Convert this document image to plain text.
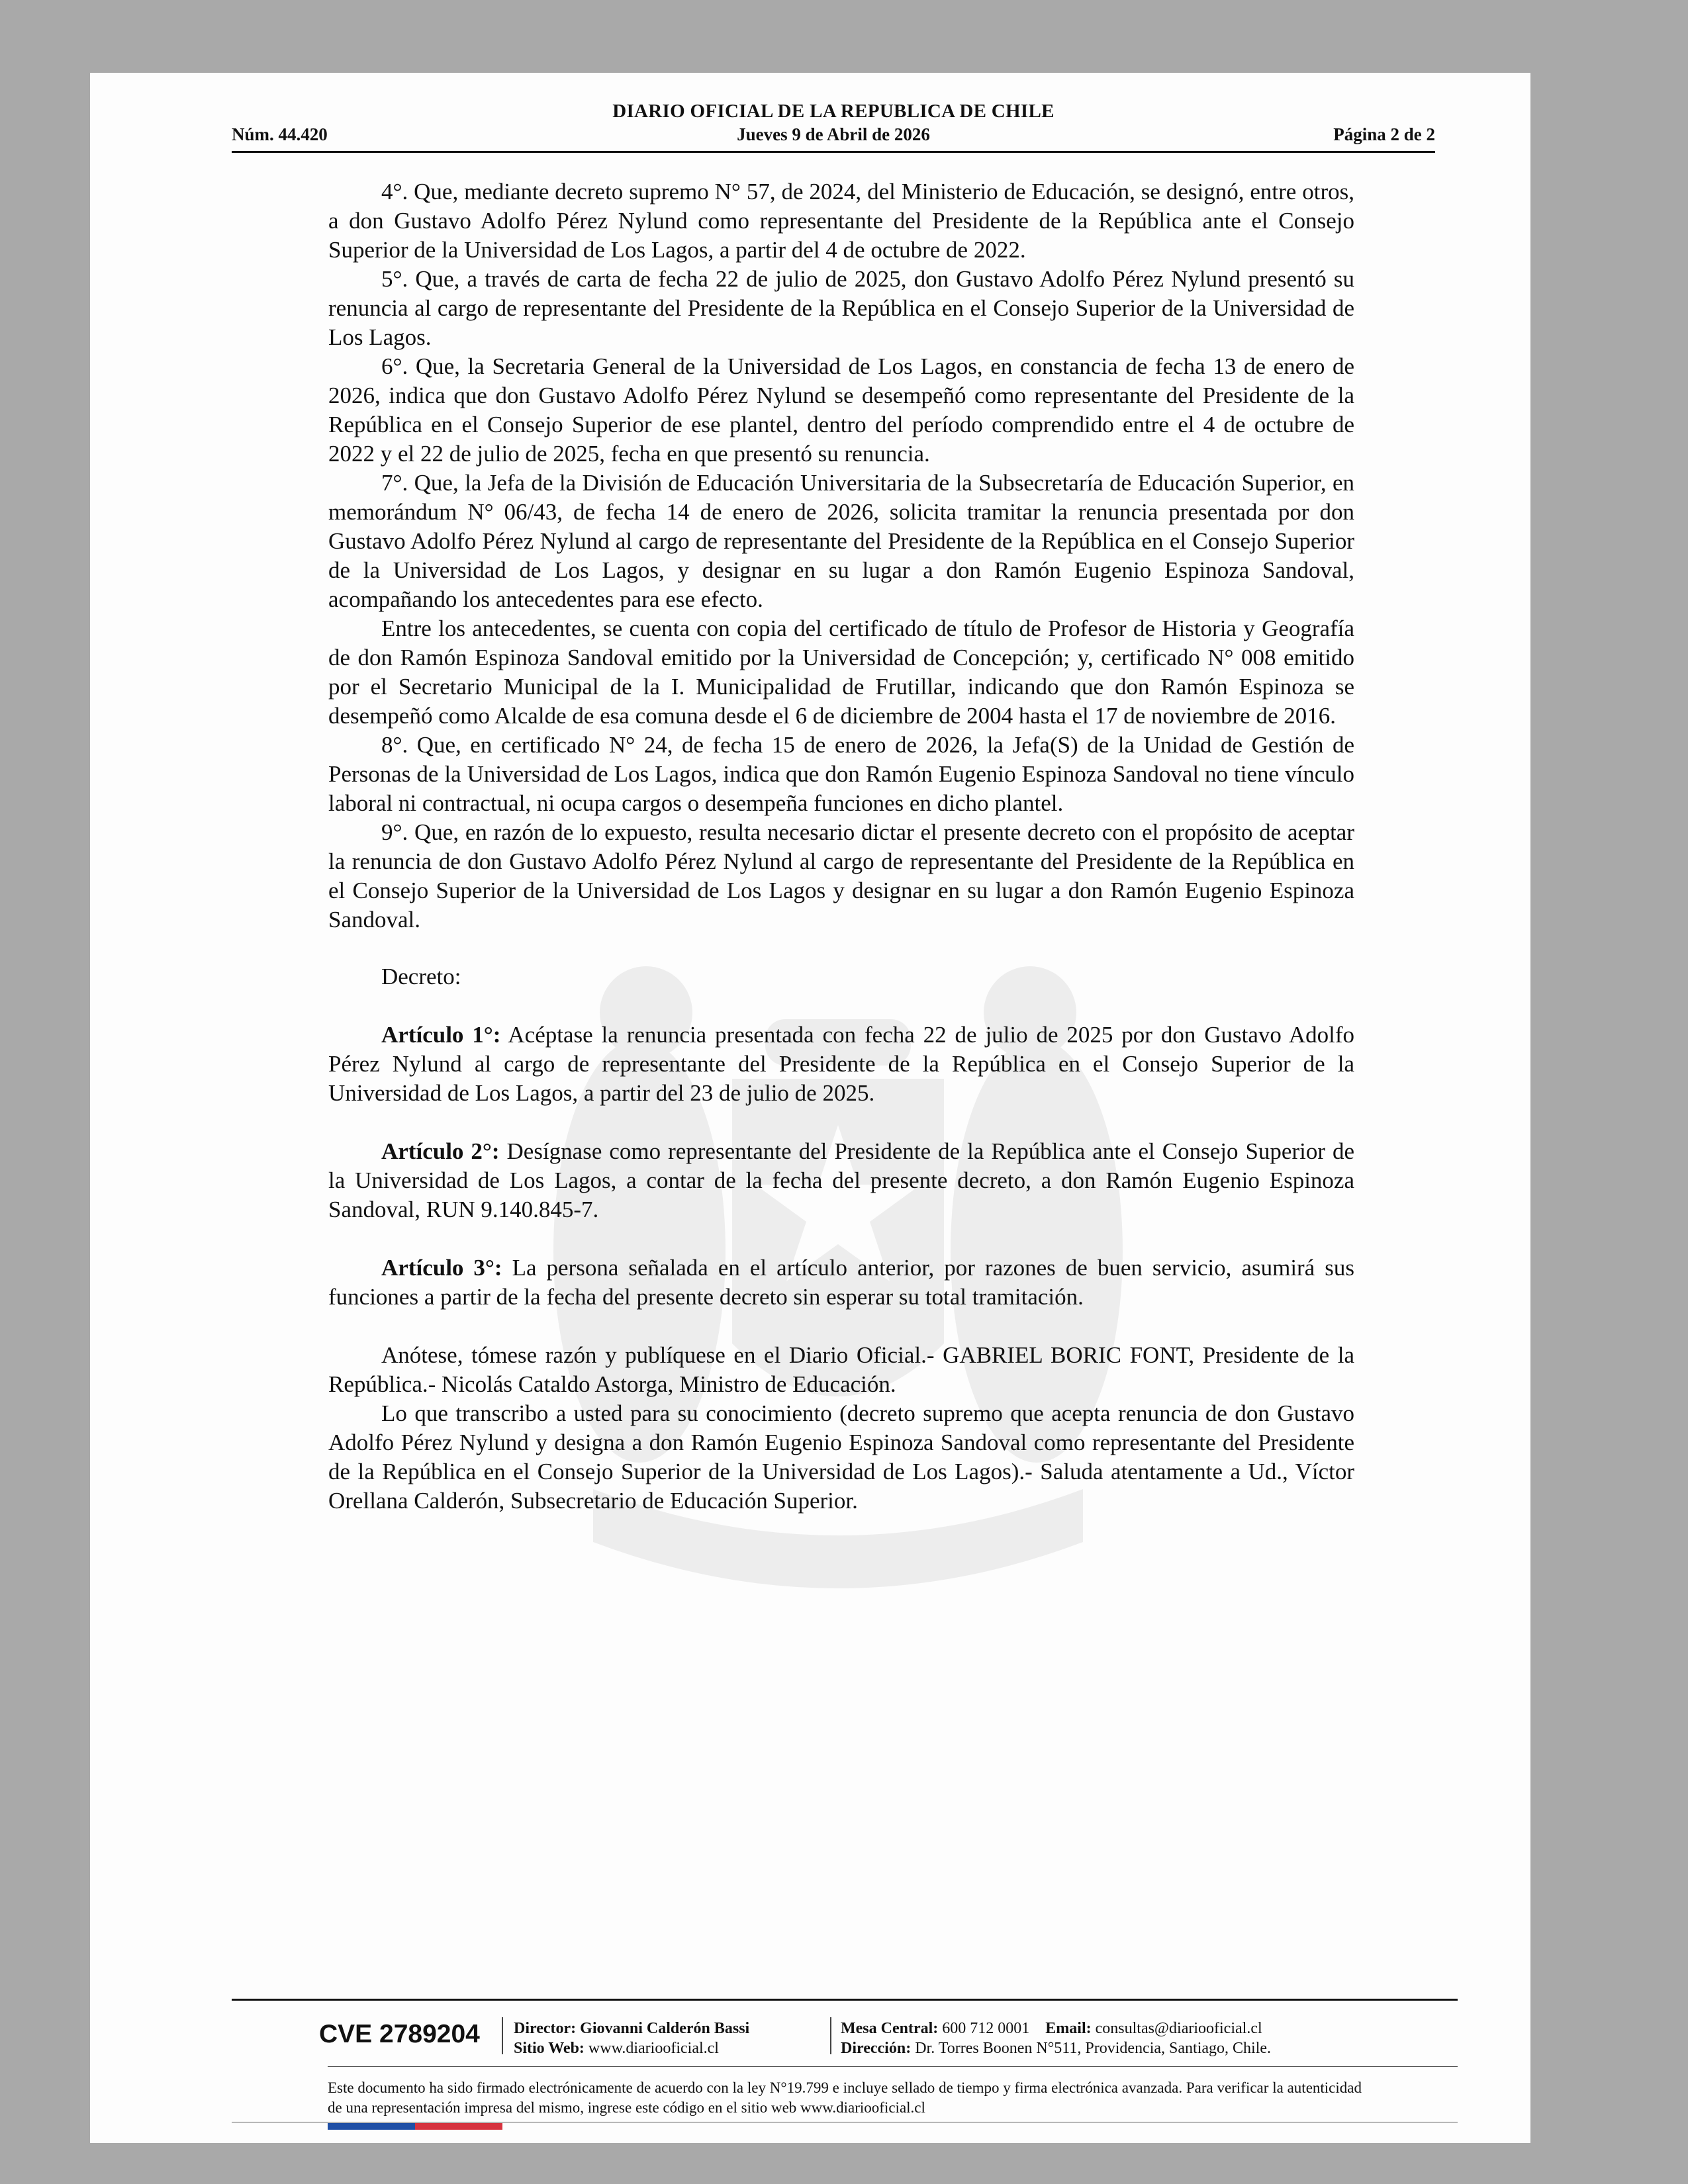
DIARIO OFICIAL DE LA REPUBLICA DE CHILE
Núm. 44.420	Jueves 9 de Abril de 2026	Página 2 de 2

4°. Que, mediante decreto supremo N° 57, de 2024, del Ministerio de Educación, se designó, entre otros, a don Gustavo Adolfo Pérez Nylund como representante del Presidente de la República ante el Consejo Superior de la Universidad de Los Lagos, a partir del 4 de octubre de 2022.

5°. Que, a través de carta de fecha 22 de julio de 2025, don Gustavo Adolfo Pérez Nylund presentó su renuncia al cargo de representante del Presidente de la República en el Consejo Superior de la Universidad de Los Lagos.

6°. Que, la Secretaria General de la Universidad de Los Lagos, en constancia de fecha 13 de enero de 2026, indica que don Gustavo Adolfo Pérez Nylund se desempeñó como representante del Presidente de la República en el Consejo Superior de ese plantel, dentro del período comprendido entre el 4 de octubre de 2022 y el 22 de julio de 2025, fecha en que presentó su renuncia.

7°. Que, la Jefa de la División de Educación Universitaria de la Subsecretaría de Educación Superior, en memorándum N° 06/43, de fecha 14 de enero de 2026, solicita tramitar la renuncia presentada por don Gustavo Adolfo Pérez Nylund al cargo de representante del Presidente de la República en el Consejo Superior de la Universidad de Los Lagos, y designar en su lugar a don Ramón Eugenio Espinoza Sandoval, acompañando los antecedentes para ese efecto.

Entre los antecedentes, se cuenta con copia del certificado de título de Profesor de Historia y Geografía de don Ramón Espinoza Sandoval emitido por la Universidad de Concepción; y, certificado N° 008 emitido por el Secretario Municipal de la I. Municipalidad de Frutillar, indicando que don Ramón Espinoza se desempeñó como Alcalde de esa comuna desde el 6 de diciembre de 2004 hasta el 17 de noviembre de 2016.

8°. Que, en certificado N° 24, de fecha 15 de enero de 2026, la Jefa(S) de la Unidad de Gestión de Personas de la Universidad de Los Lagos, indica que don Ramón Eugenio Espinoza Sandoval no tiene vínculo laboral ni contractual, ni ocupa cargos o desempeña funciones en dicho plantel.

9°. Que, en razón de lo expuesto, resulta necesario dictar el presente decreto con el propósito de aceptar la renuncia de don Gustavo Adolfo Pérez Nylund al cargo de representante del Presidente de la República en el Consejo Superior de la Universidad de Los Lagos y designar en su lugar a don Ramón Eugenio Espinoza Sandoval.

Decreto:

Artículo 1°: Acéptase la renuncia presentada con fecha 22 de julio de 2025 por don Gustavo Adolfo Pérez Nylund al cargo de representante del Presidente de la República en el Consejo Superior de la Universidad de Los Lagos, a partir del 23 de julio de 2025.

Artículo 2°: Desígnase como representante del Presidente de la República ante el Consejo Superior de la Universidad de Los Lagos, a contar de la fecha del presente decreto, a don Ramón Eugenio Espinoza Sandoval, RUN 9.140.845-7.

Artículo 3°: La persona señalada en el artículo anterior, por razones de buen servicio, asumirá sus funciones a partir de la fecha del presente decreto sin esperar su total tramitación.

Anótese, tómese razón y publíquese en el Diario Oficial.- GABRIEL BORIC FONT, Presidente de la República.- Nicolás Cataldo Astorga, Ministro de Educación.

Lo que transcribo a usted para su conocimiento (decreto supremo que acepta renuncia de don Gustavo Adolfo Pérez Nylund y designa a don Ramón Eugenio Espinoza Sandoval como representante del Presidente de la República en el Consejo Superior de la Universidad de Los Lagos).- Saluda atentamente a Ud., Víctor Orellana Calderón, Subsecretario de Educación Superior.

CVE 2789204 Director: Giovanni Calderón Bassi
Sitio Web: www.diariooficial.cl
Mesa Central: 600 712 0001 Email: consultas@diariooficial.cl
Dirección: Dr. Torres Boonen N°511, Providencia, Santiago, Chile.
Este documento ha sido firmado electrónicamente de acuerdo con la ley N°19.799 e incluye sellado de tiempo y firma electrónica avanzada. Para verificar la autenticidad de una representación impresa del mismo, ingrese este código en el sitio web www.diariooficial.cl
